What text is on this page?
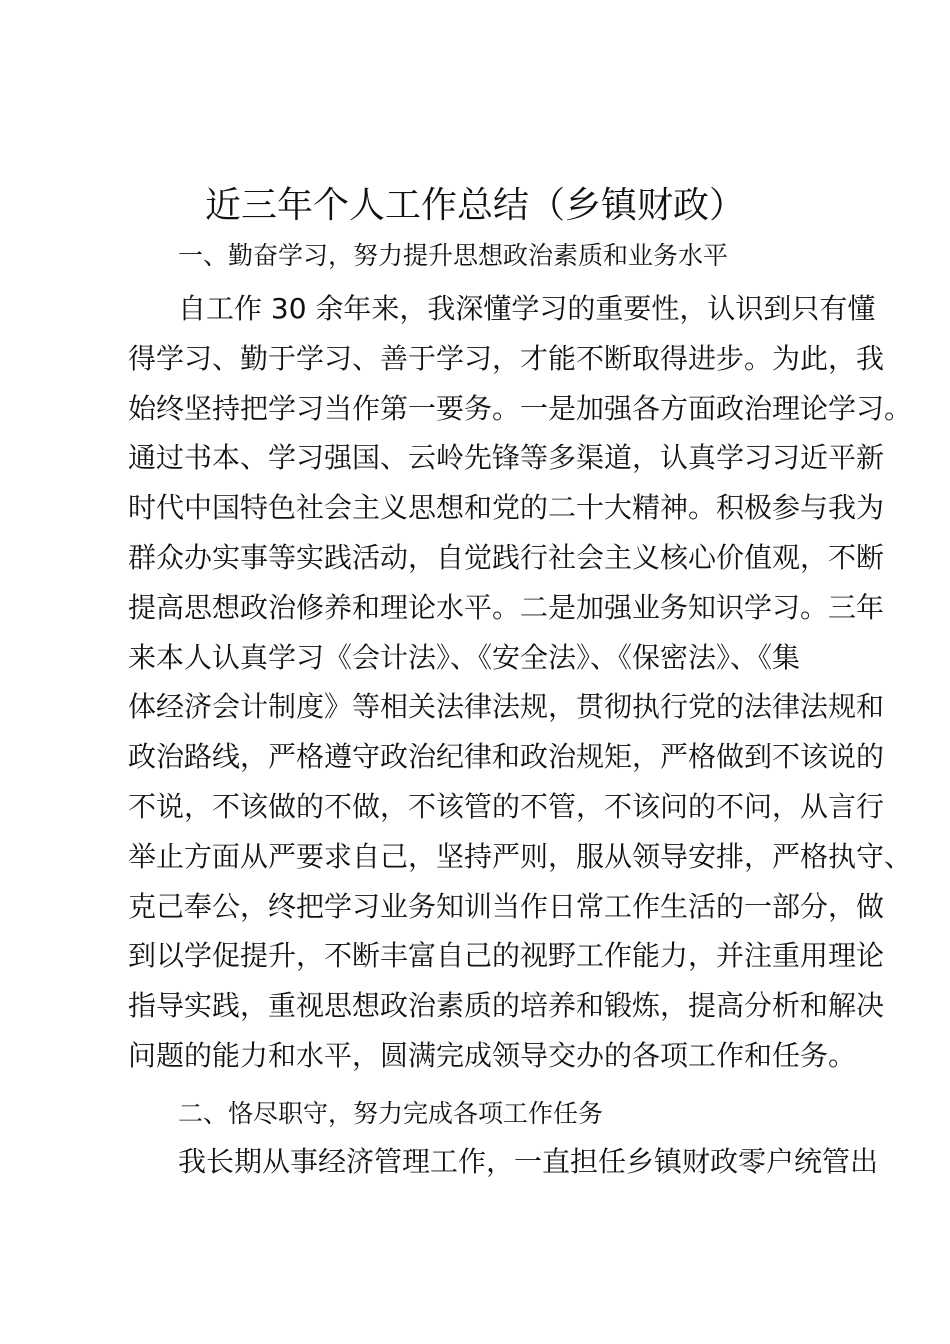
近三年个人工作总结（乡镇财政）
一、勤奋学习，努力提升思想政治素质和业务水平
自工作 30 余年来，我深懂学习的重要性，认识到只有懂
得学习、勤于学习、善于学习，才能不断取得进步。为此，我
始终坚持把学习当作第一要务。一是加强各方面政治理论学习。
通过书本、学习强国、云岭先锋等多渠道，认真学习习近平新
时代中国特色社会主义思想和党的二十大精神。积极参与我为
群众办实事等实践活动，自觉践行社会主义核心价值观，不断
提高思想政治修养和理论水平。二是加强业务知识学习。三年
来本人认真学习《会计法》、《安全法》、《保密法》、《集
体经济会计制度》等相关法律法规，贯彻执行党的法律法规和
政治路线，严格遵守政治纪律和政治规矩，严格做到不该说的
不说，不该做的不做，不该管的不管，不该问的不问，从言行
举止方面从严要求自己，坚持严则，服从领导安排，严格执守、
克己奉公，终把学习业务知训当作日常工作生活的一部分，做
到以学促提升，不断丰富自己的视野工作能力，并注重用理论
指导实践，重视思想政治素质的培养和锻炼，提高分析和解决
问题的能力和水平，圆满完成领导交办的各项工作和任务。
二、恪尽职守，努力完成各项工作任务
我长期从事经济管理工作，一直担任乡镇财政零户统管出
